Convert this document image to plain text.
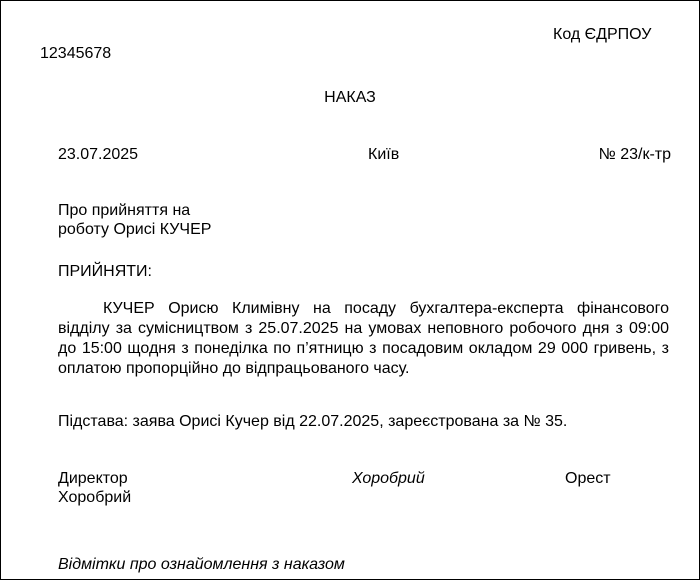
Код ЄДРПОУ
12345678
НАКАЗ
23.07.2025	Київ	№ 23/к-тр
Про прийняття на
роботу Орисі КУЧЕР
ПРИЙНЯТИ:
КУЧЕР Орисю Климівну на посаду бухгалтера-експерта фінансового відділу за сумісництвом з 25.07.2025 на умовах неповного робочого дня з 09:00 до 15:00 щодня з понеділка по п’ятницю з посадовим окладом 29 000 гривень, з оплатою пропорційно до відпрацьованого часу.
Підстава: заява Орисі Кучер від 22.07.2025, зареєстрована за № 35.
Директор	Хоробрий	Орест
Хоробрий
Відмітки про ознайомлення з наказом
